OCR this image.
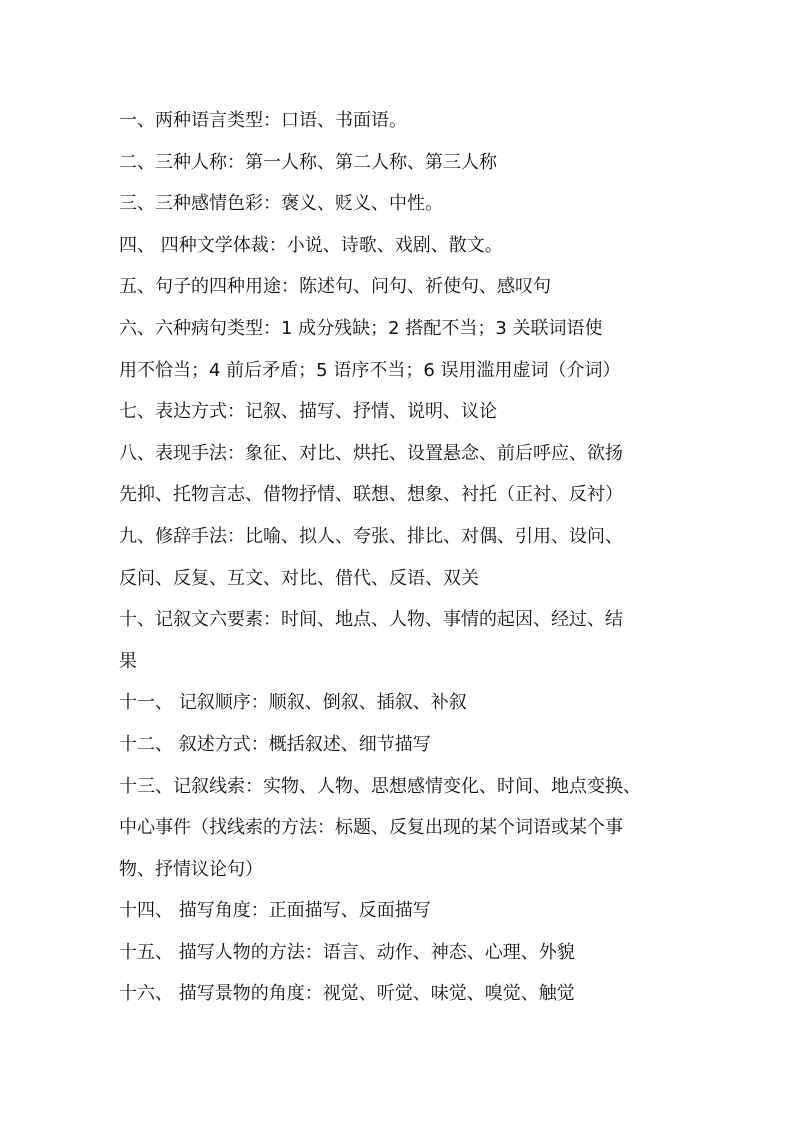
一、两种语言类型：口语、书面语。
二、三种人称：第一人称、第二人称、第三人称
三、三种感情色彩：褒义、贬义、中性。
四、 四种文学体裁：小说、诗歌、戏剧、散文。
五、句子的四种用途：陈述句、问句、祈使句、感叹句
六、六种病句类型：1 成分残缺；2 搭配不当；3 关联词语使
用不恰当；4 前后矛盾；5 语序不当；6 误用滥用虚词（介词）
七、表达方式：记叙、描写、抒情、说明、议论
八、表现手法：象征、对比、烘托、设置悬念、前后呼应、欲扬
先抑、托物言志、借物抒情、联想、想象、衬托（正衬、反衬）
九、修辞手法：比喻、拟人、夸张、排比、对偶、引用、设问、
反问、反复、互文、对比、借代、反语、双关
十、记叙文六要素：时间、地点、人物、事情的起因、经过、结
果
十一、 记叙顺序：顺叙、倒叙、插叙、补叙
十二、 叙述方式：概括叙述、细节描写
十三、记叙线索：实物、人物、思想感情变化、时间、地点变换、
中心事件（找线索的方法：标题、反复出现的某个词语或某个事
物、抒情议论句）
十四、 描写角度：正面描写、反面描写
十五、 描写人物的方法：语言、动作、神态、心理、外貌
十六、 描写景物的角度：视觉、听觉、味觉、嗅觉、触觉
